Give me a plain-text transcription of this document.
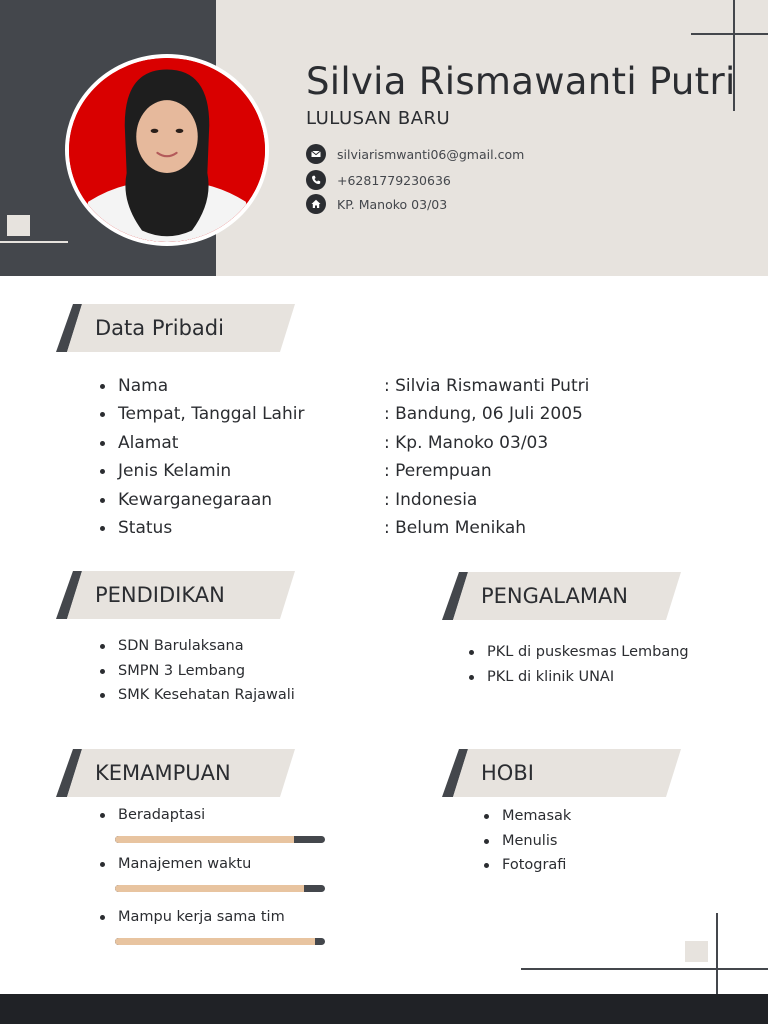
Silvia Rismawanti Putri
LULUSAN BARU
silviarismwanti06@gmail.com
+6281779230636
KP. Manoko 03/03
Data Pribadi
Nama	: Silvia Rismawanti Putri
Tempat, Tanggal Lahir	: Bandung, 06 Juli 2005
Alamat	: Kp. Manoko 03/03
Jenis Kelamin	: Perempuan
Kewarganegaraan	: Indonesia
Status	: Belum Menikah
PENDIDIKAN
SDN Barulaksana
SMPN 3 Lembang
SMK Kesehatan Rajawali
PENGALAMAN
PKL di puskesmas Lembang
PKL di klinik UNAI
KEMAMPUAN
Beradaptasi
Manajemen waktu
Mampu kerja sama tim
HOBI
Memasak
Menulis
Fotografi
